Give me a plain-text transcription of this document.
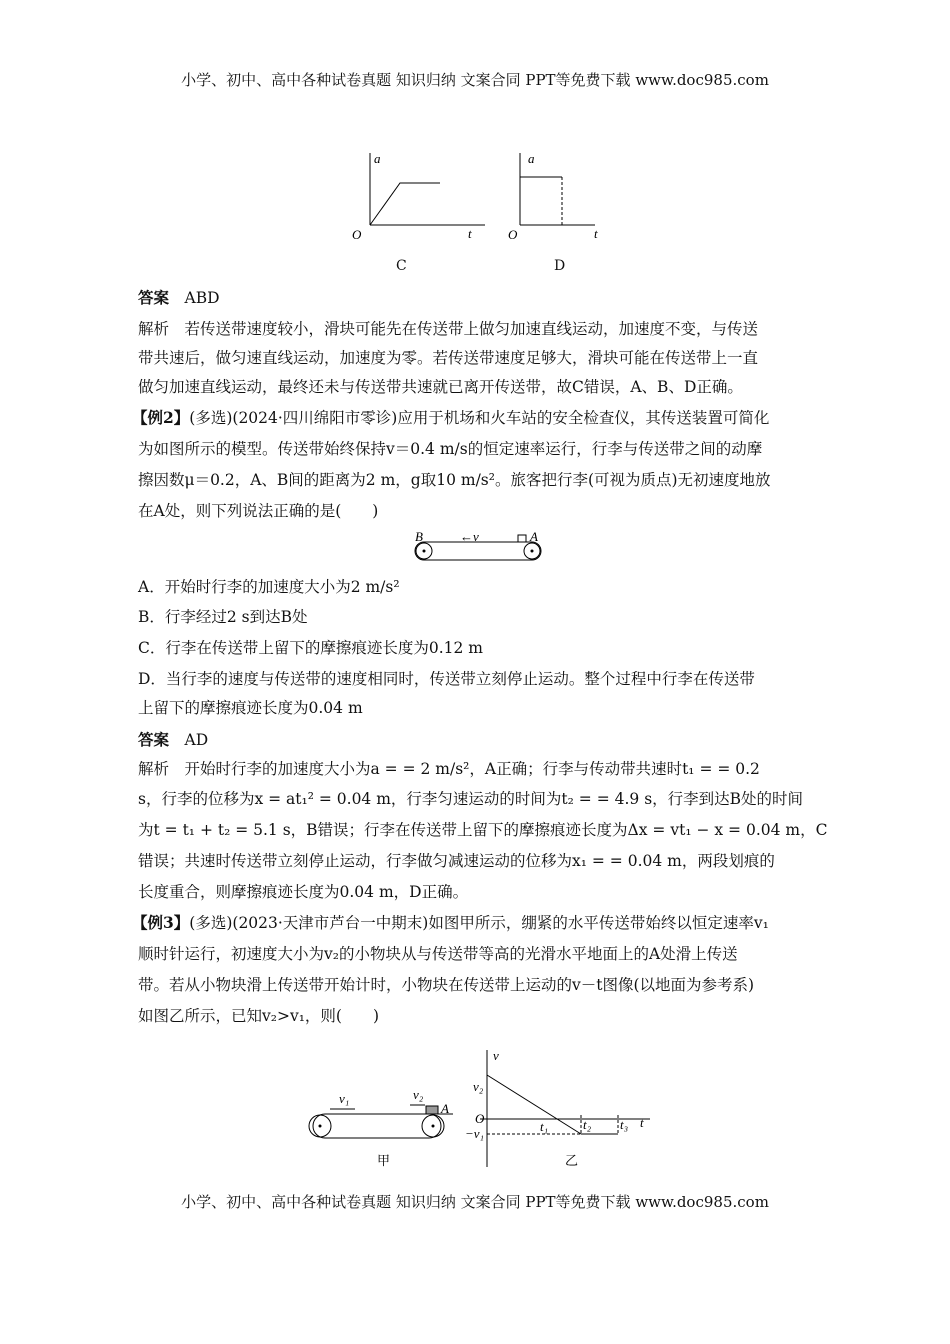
小学、初中、高中各种试卷真题 知识归纳 文案合同 PPT等免费下载 www.doc985.com
a
O	t
a
O	t
C	D
答案　 ABD
解析　若传送带速度较小，滑块可能先在传送带上做匀加速直线运动，加速度不变，与传送
带共速后，做匀速直线运动，加速度为零。若传送带速度足够大，滑块可能在传送带上一直
做匀加速直线运动，最终还未与传送带共速就已离开传送带，故C错误，A、B、D正确。
【例2】(多选)(2024·四川绵阳市零诊)应用于机场和火车站的安全检查仪，其传送装置可简化
为如图所示的模型。传送带始终保持v＝0.4 m/s的恒定速率运行，行李与传送带之间的动摩
擦因数μ＝0.2，A、B间的距离为2 m，g取10 m/s²。旅客把行李(可视为质点)无初速度地放
在A处，则下列说法正确的是(　　)
B	A
←v
A．开始时行李的加速度大小为2 m/s²
B．行李经过2 s到达B处
C．行李在传送带上留下的摩擦痕迹长度为0.12 m
D．当行李的速度与传送带的速度相同时，传送带立刻停止运动。整个过程中行李在传送带
上留下的摩擦痕迹长度为0.04 m
答案　 AD
解析　开始时行李的加速度大小为a = = 2 m/s²，A正确；行李与传动带共速时t₁ = = 0.2
s，行李的位移为x = at₁² = 0.04 m，行李匀速运动的时间为t₂ = = 4.9 s，行李到达B处的时间
为t = t₁ + t₂ = 5.1 s，B错误；行李在传送带上留下的摩擦痕迹长度为Δx = vt₁ − x = 0.04 m，C
错误；共速时传送带立刻停止运动，行李做匀减速运动的位移为x₁ = = 0.04 m，两段划痕的
长度重合，则摩擦痕迹长度为0.04 m，D正确。
【例3】(多选)(2023·天津市芦台一中期末)如图甲所示，绷紧的水平传送带始终以恒定速率v₁
顺时针运行，初速度大小为v₂的小物块从与传送带等高的光滑水平地面上的A处滑上传送
带。若从小物块滑上传送带开始计时，小物块在传送带上运动的v－t图像(以地面为参考系)
如图乙所示，已知v₂>v₁，则(　　)
v₁	v₂
A
甲
v
v₂
O
−v₁	t₁	t₂ t₃ t
乙
小学、初中、高中各种试卷真题 知识归纳 文案合同 PPT等免费下载 www.doc985.com
